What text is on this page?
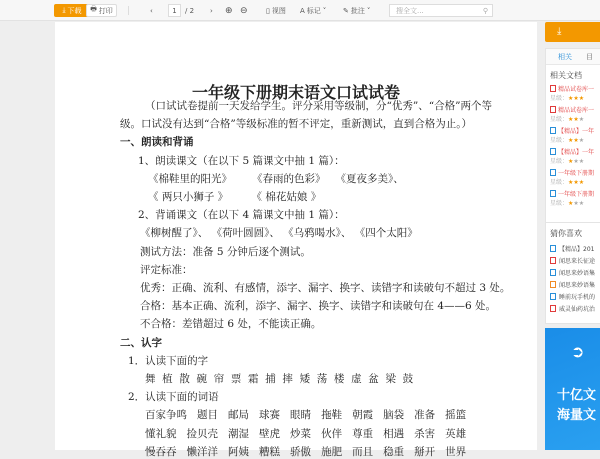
⤓ 下载 🖶 打印	‹	1	/ 2 › ⊕ ⊖	▯ 视图 A 标记 ˅ ✎ 批注 ˅	搜全文...	⚲
一年级下册期末语文口试试卷
（口试试卷提前一天发给学生。评分采用等级制，分“优秀”、“合格”两个等
级。口试没有达到“合格”等级标准的暂不评定，重新测试，直到合格为止。）
一、朗读和背诵
1、朗读课文（在以下 5 篇课文中抽 1 篇）：
《棉鞋里的阳光》      《春雨的色彩》   《夏夜多美》、
《 两只小狮子 》       《 棉花姑娘 》
2、背诵课文（在以下 4 篇课文中抽 1 篇）：
《柳树醒了》、 《荷叶圆圆》、 《乌鸦喝水》、 《四个太阳》
测试方法：准备 5 分钟后逐个测试。
评定标准：
优秀：正确、流利、有感情，添字、漏字、换字、读错字和读破句不超过 3 处。
合格：基本正确、流利，添字、漏字、换字、读错字和读破句在 4——6 处。
不合格：差错超过 6 处，不能读正确。
二、认字
1．认读下面的字
舞  植  散  碗  帘  票  霜  捕  摔  矮  荡  楼  虚  盆  梁  鼓
2．认读下面的词语
百家争鸣   题目   邮局   球赛   眼睛   拖鞋   朝霞   脑袋   准备   摇篮
懂礼貌   捡贝壳   潮湿   壁虎   炒菜   伙伴   尊重   相遇   杀害   英雄
慢吞吞   懒洋洋   阿姨   糟糕   骄傲   施肥   而且   稳重   掰开   世界
⤓
相关 目
相关文档
精品试卷库一
星级：★★★
精品试卷库一
星级：★★★
【精品】一年
星级：★★★
【精品】一年
星级：★★★
一年级下册期
星级：★★★
一年级下册期
星级：★★★
猜你喜欢
【精品】201
闻思来长征途
闻思来妙语集
闻思来妙语集
睡前玩手机的
威灵仙药坑治
➲
十亿文
海量文
